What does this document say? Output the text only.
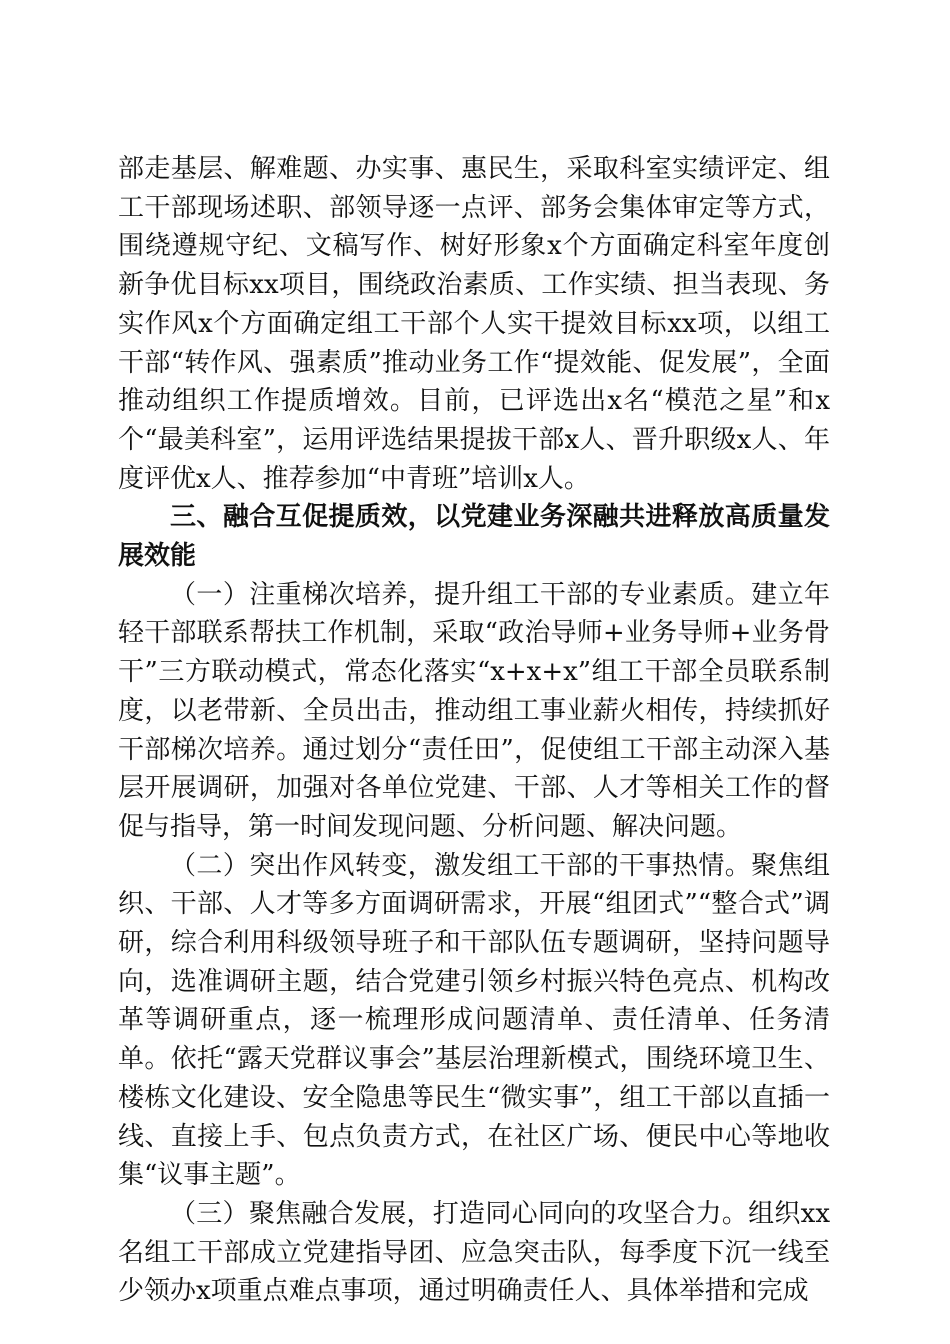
部走基层、解难题、办实事、惠民生，采取科室实绩评定、组工干部现场述职、部领导逐一点评、部务会集体审定等方式，围绕遵规守纪、文稿写作、树好形象x个方面确定科室年度创新争优目标xx项目，围绕政治素质、工作实绩、担当表现、务实作风x个方面确定组工干部个人实干提效目标xx项，以组工干部“转作风、强素质”推动业务工作“提效能、促发展”，全面推动组织工作提质增效。目前，已评选出x名“模范之星”和x个“最美科室”，运用评选结果提拔干部x人、晋升职级x人、年度评优x人、推荐参加“中青班”培训x人。

三、融合互促提质效，以党建业务深融共进释放高质量发展效能

（一）注重梯次培养，提升组工干部的专业素质。建立年轻干部联系帮扶工作机制，采取“政治导师+业务导师+业务骨干”三方联动模式，常态化落实“x+x+x”组工干部全员联系制度，以老带新、全员出击，推动组工事业薪火相传，持续抓好干部梯次培养。通过划分“责任田”，促使组工干部主动深入基层开展调研，加强对各单位党建、干部、人才等相关工作的督促与指导，第一时间发现问题、分析问题、解决问题。

（二）突出作风转变，激发组工干部的干事热情。聚焦组织、干部、人才等多方面调研需求，开展“组团式”“整合式”调研，综合利用科级领导班子和干部队伍专题调研，坚持问题导向，选准调研主题，结合党建引领乡村振兴特色亮点、机构改革等调研重点，逐一梳理形成问题清单、责任清单、任务清单。依托“露天党群议事会”基层治理新模式，围绕环境卫生、楼栋文化建设、安全隐患等民生“微实事”，组工干部以直插一线、直接上手、包点负责方式，在社区广场、便民中心等地收集“议事主题”。

（三）聚焦融合发展，打造同心同向的攻坚合力。组织xx名组工干部成立党建指导团、应急突击队，每季度下沉一线至少领办x项重点难点事项，通过明确责任人、具体举措和完成
